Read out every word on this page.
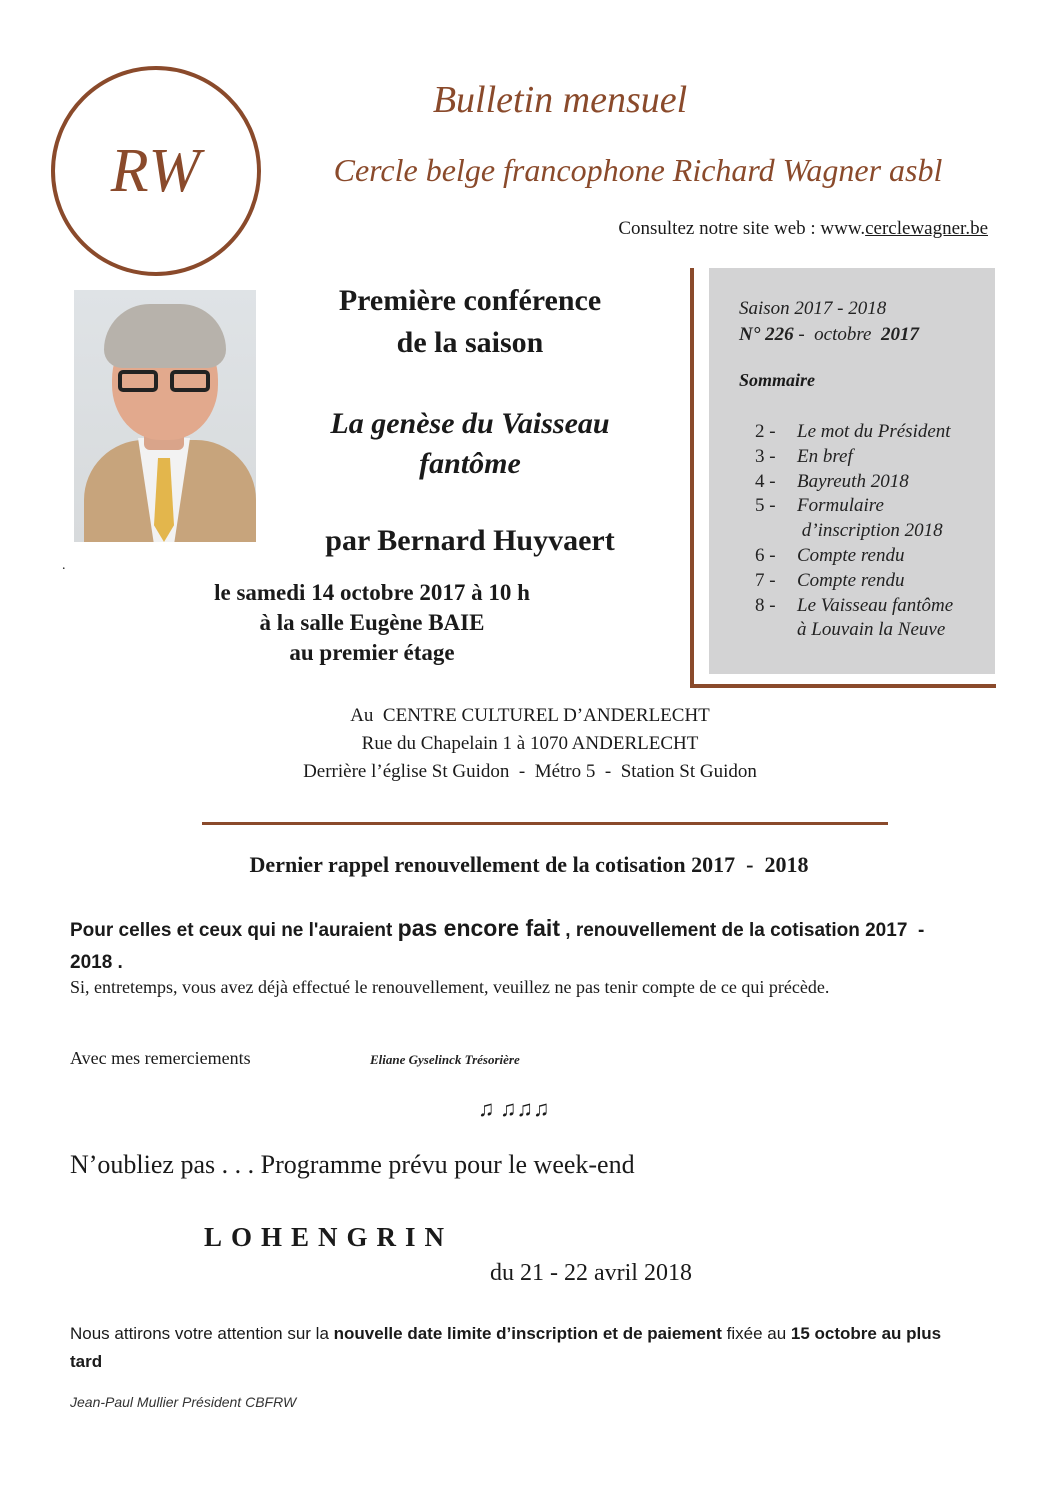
RW
Bulletin mensuel
Cercle belge francophone Richard Wagner asbl
Consultez notre site web : www.cerclewagner.be
.
Première conférence
de la saison
La genèse du Vaisseau
fantôme
par Bernard Huyvaert
le samedi 14 octobre 2017 à 10 h
à la salle Eugène BAIE
au premier étage
Saison 2017 - 2018
N° 226 -  octobre  2017
Sommaire
2 -	Le mot du Président
3 -	En bref
4 -	Bayreuth 2018
5 -	Formulaire
d’inscription 2018
6 -	Compte rendu
7 -	Compte rendu
8 -	Le Vaisseau fantôme
à Louvain la Neuve
Au  CENTRE CULTUREL D’ANDERLECHT
Rue du Chapelain 1 à 1070 ANDERLECHT
Derrière l’église St Guidon  -  Métro 5  -  Station St Guidon
Dernier rappel renouvellement de la cotisation 2017  -  2018
Pour celles et ceux qui ne l'auraient pas encore fait , renouvellement de la cotisation 2017  -  2018 .
Si, entretemps, vous avez déjà effectué le renouvellement, veuillez ne pas tenir compte de ce qui précède.
Avec mes remerciements	Eliane Gyselinck Trésorière
♫ ♫♫♫
N’oubliez pas . . . Programme prévu pour le week-end
LOHENGRIN
du 21 - 22 avril 2018
Nous attirons votre attention sur la nouvelle date limite d’inscription et de paiement fixée au 15 octobre au plus tard
Jean-Paul Mullier Président CBFRW
